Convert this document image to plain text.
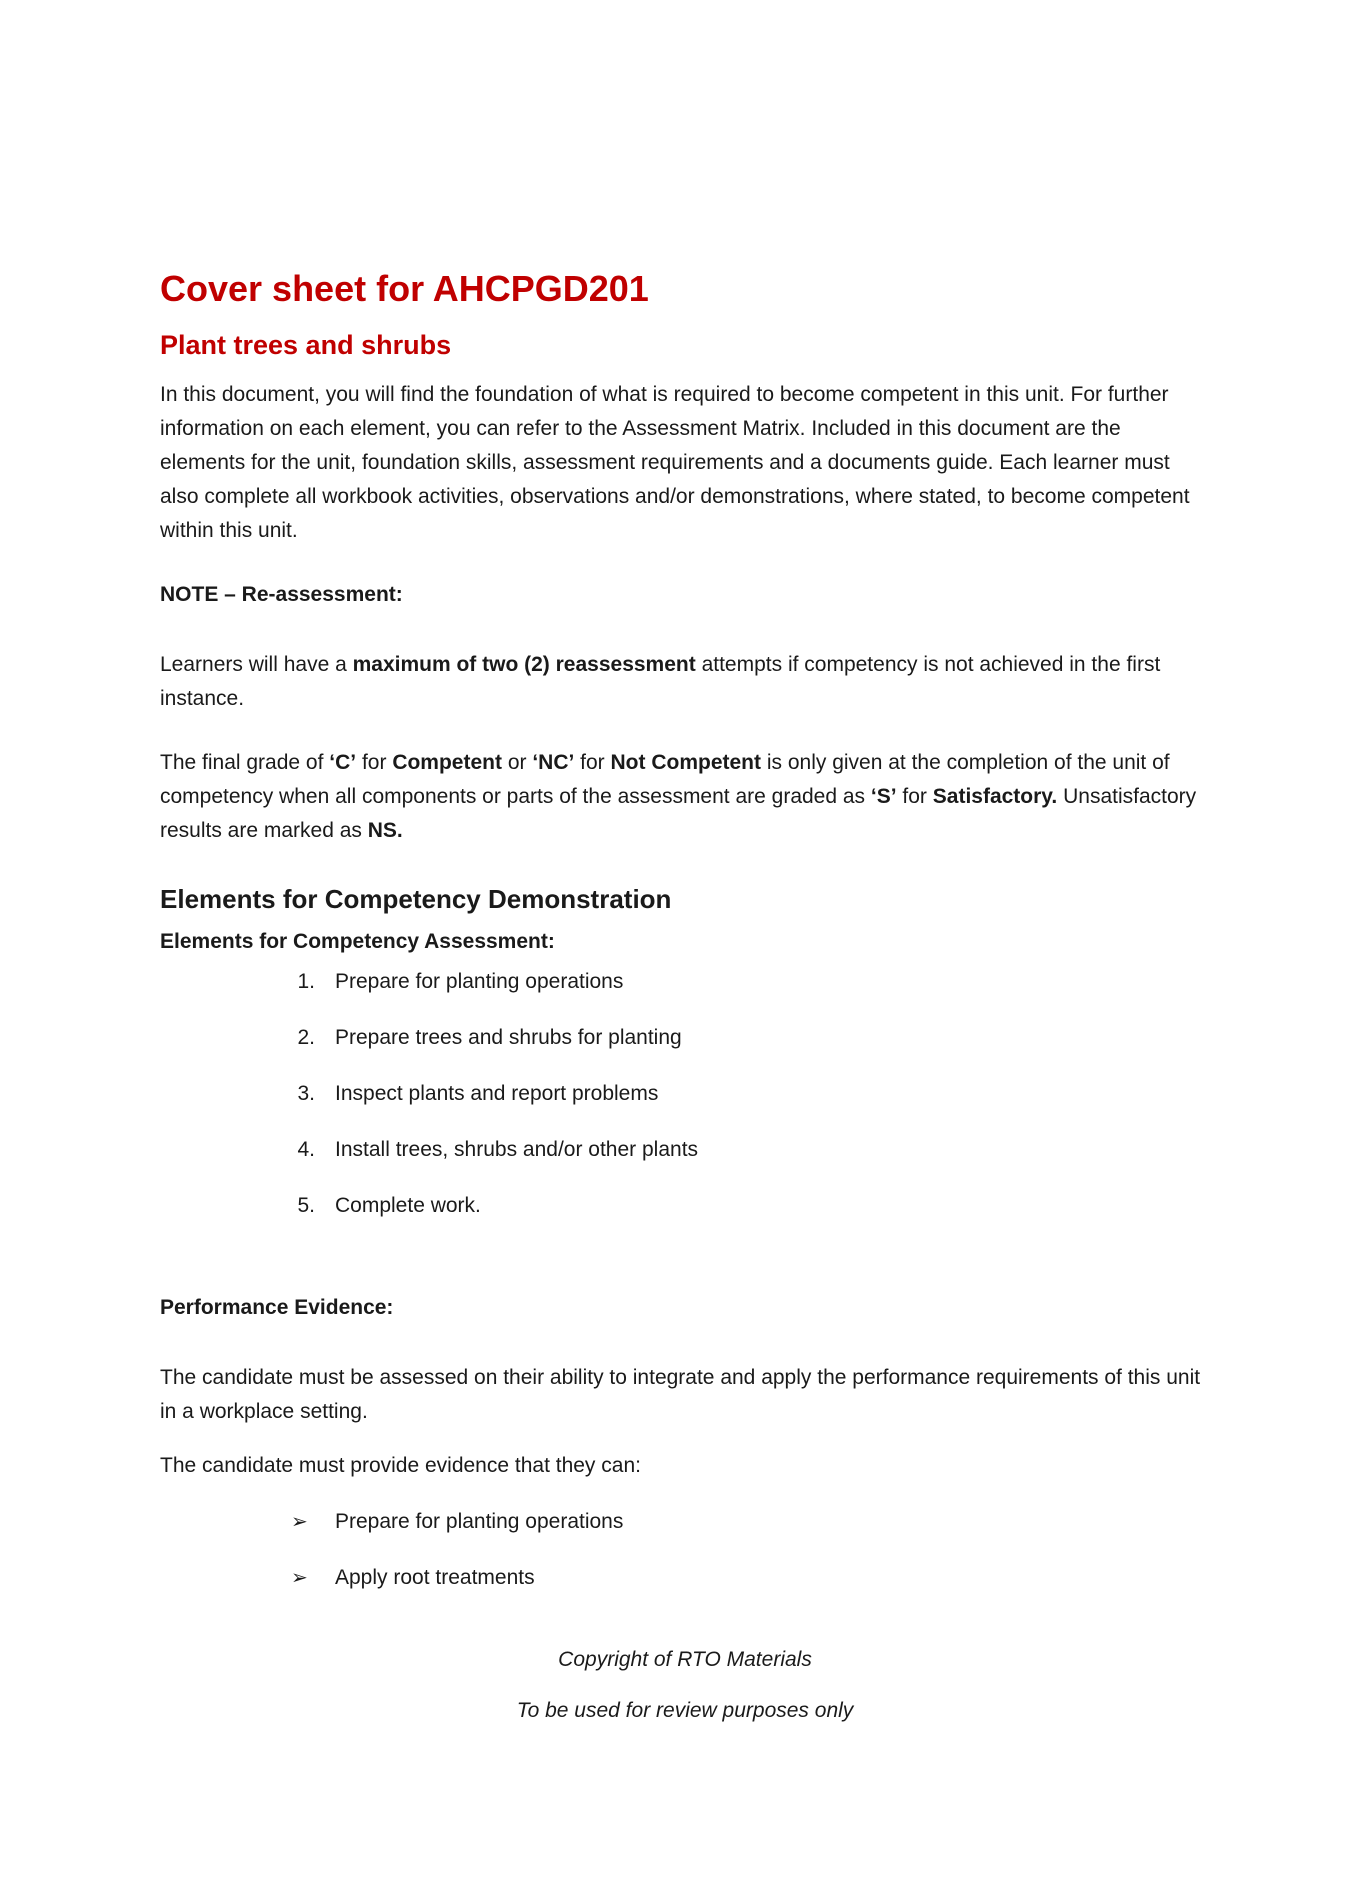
Cover sheet for AHCPGD201
Plant trees and shrubs

In this document, you will find the foundation of what is required to become competent in this unit. For further information on each element, you can refer to the Assessment Matrix. Included in this document are the elements for the unit, foundation skills, assessment requirements and a documents guide. Each learner must also complete all workbook activities, observations and/or demonstrations, where stated, to become competent within this unit.

NOTE – Re-assessment:

Learners will have a maximum of two (2) reassessment attempts if competency is not achieved in the first instance.

The final grade of ‘C’ for Competent or ‘NC’ for Not Competent is only given at the completion of the unit of competency when all components or parts of the assessment are graded as ‘S’ for Satisfactory. Unsatisfactory results are marked as NS.

Elements for Competency Demonstration

Elements for Competency Assessment:

1. Prepare for planting operations
2. Prepare trees and shrubs for planting
3. Inspect plants and report problems
4. Install trees, shrubs and/or other plants
5. Complete work.

Performance Evidence:

The candidate must be assessed on their ability to integrate and apply the performance requirements of this unit in a workplace setting.

The candidate must provide evidence that they can:

➢ Prepare for planting operations
➢ Apply root treatments

Copyright of RTO Materials

To be used for review purposes only
